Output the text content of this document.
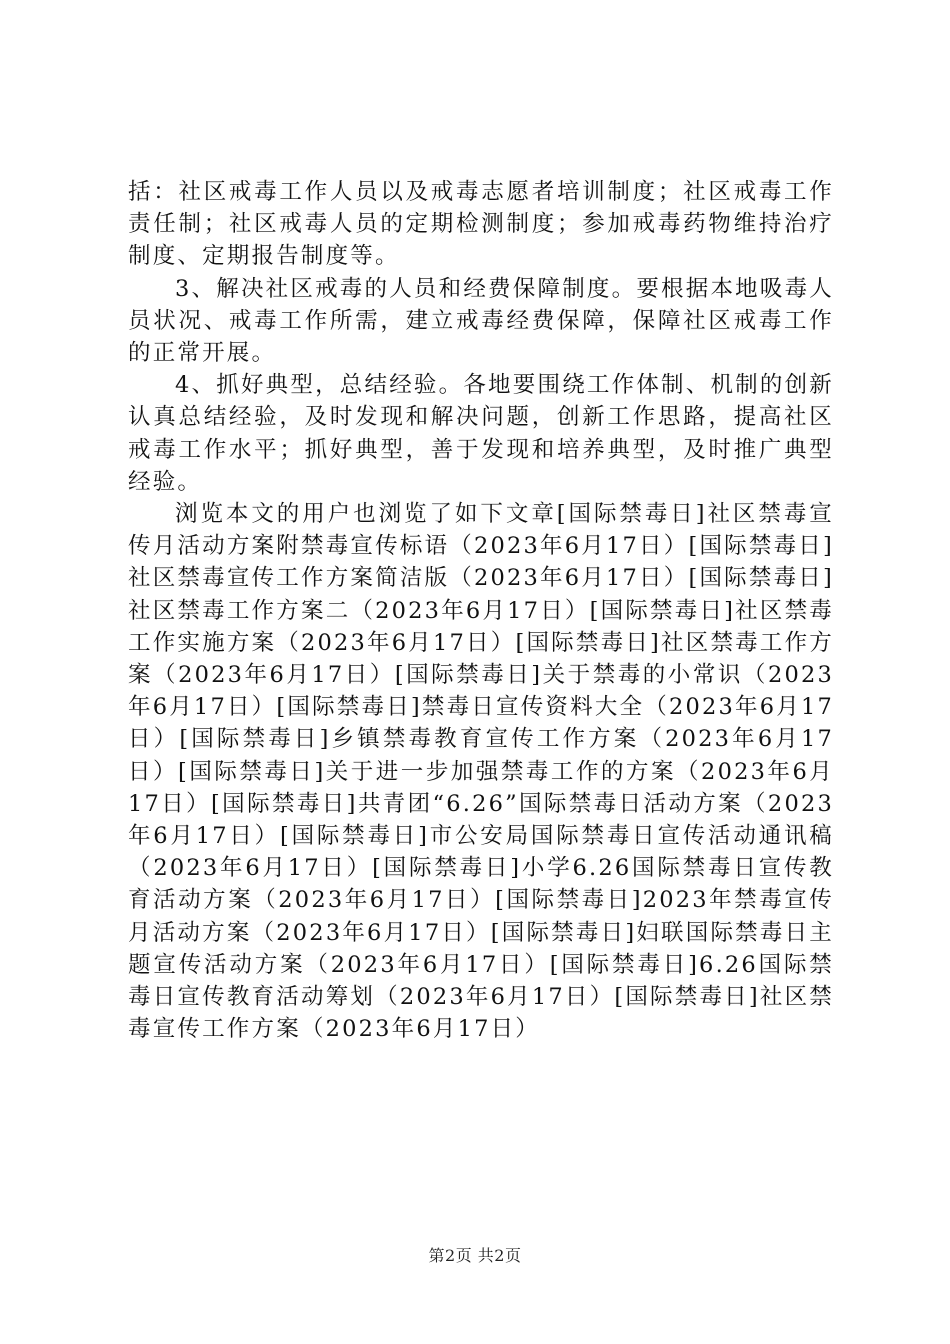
括：社区戒毒工作人员以及戒毒志愿者培训制度；社区戒毒工作责任制；社区戒毒人员的定期检测制度；参加戒毒药物维持治疗制度、定期报告制度等。

3、解决社区戒毒的人员和经费保障制度。要根据本地吸毒人员状况、戒毒工作所需，建立戒毒经费保障，保障社区戒毒工作的正常开展。

4、抓好典型，总结经验。各地要围绕工作体制、机制的创新认真总结经验，及时发现和解决问题，创新工作思路，提高社区戒毒工作水平；抓好典型，善于发现和培养典型，及时推广典型经验。

浏览本文的用户也浏览了如下文章[国际禁毒日]社区禁毒宣传月活动方案附禁毒宣传标语（2023年6月17日）[国际禁毒日]社区禁毒宣传工作方案简洁版（2023年6月17日）[国际禁毒日]社区禁毒工作方案二（2023年6月17日）[国际禁毒日]社区禁毒工作实施方案（2023年6月17日）[国际禁毒日]社区禁毒工作方案（2023年6月17日）[国际禁毒日]关于禁毒的小常识（2023年6月17日）[国际禁毒日]禁毒日宣传资料大全（2023年6月17日）[国际禁毒日]乡镇禁毒教育宣传工作方案（2023年6月17日）[国际禁毒日]关于进一步加强禁毒工作的方案（2023年6月17日）[国际禁毒日]共青团“6.26”国际禁毒日活动方案（2023年6月17日）[国际禁毒日]市公安局国际禁毒日宣传活动通讯稿（2023年6月17日）[国际禁毒日]小学6.26国际禁毒日宣传教育活动方案（2023年6月17日）[国际禁毒日]2023年禁毒宣传月活动方案（2023年6月17日）[国际禁毒日]妇联国际禁毒日主题宣传活动方案（2023年6月17日）[国际禁毒日]6.26国际禁毒日宣传教育活动筹划（2023年6月17日）[国际禁毒日]社区禁毒宣传工作方案（2023年6月17日）

第2页 共2页
